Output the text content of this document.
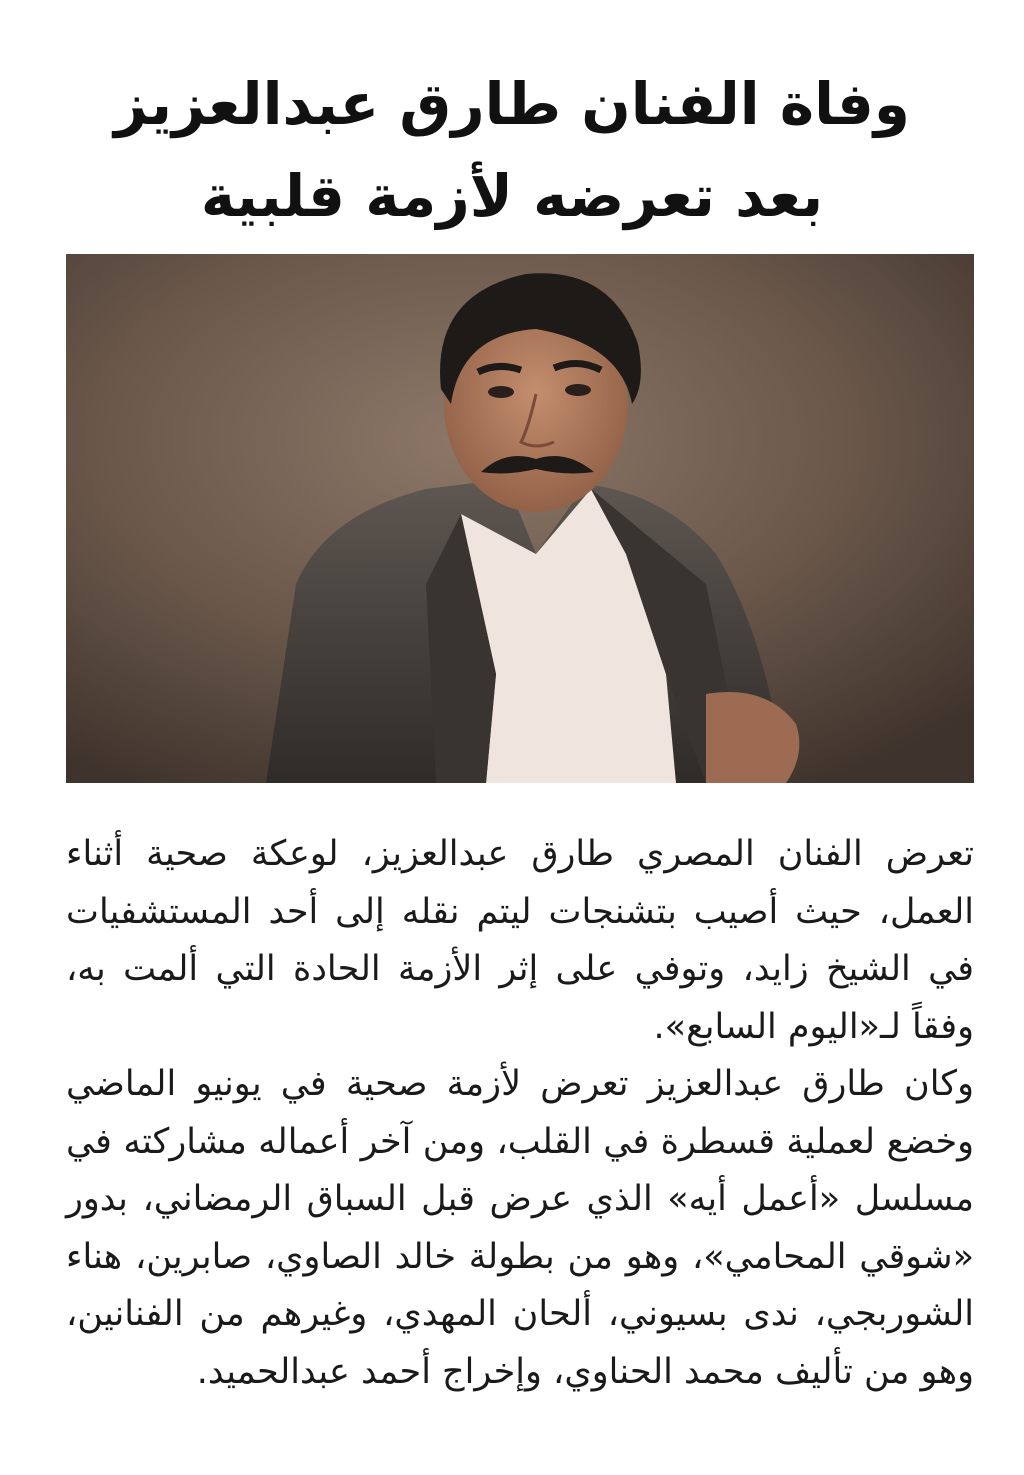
وفاة الفنان طارق عبدالعزيز
بعد تعرضه لأزمة قلبية

تعرض الفنان المصري طارق عبدالعزيز، لوعكة صحية أثناء العمل، حيث أصيب بتشنجات ليتم نقله إلى أحد المستشفيات في الشيخ زايد، وتوفي على إثر الأزمة الحادة التي ألمت به، وفقاً لـ«اليوم السابع».

وكان طارق عبدالعزيز تعرض لأزمة صحية في يونيو الماضي وخضع لعملية قسطرة في القلب، ومن آخر أعماله مشاركته في مسلسل «أعمل أيه» الذي عرض قبل السباق الرمضاني، بدور «شوقي المحامي»، وهو من بطولة خالد الصاوي، صابرين، هناء الشوربجي، ندى بسيوني، ألحان المهدي، وغيرهم من الفنانين، وهو من تأليف محمد الحناوي، وإخراج أحمد عبدالحميد.
